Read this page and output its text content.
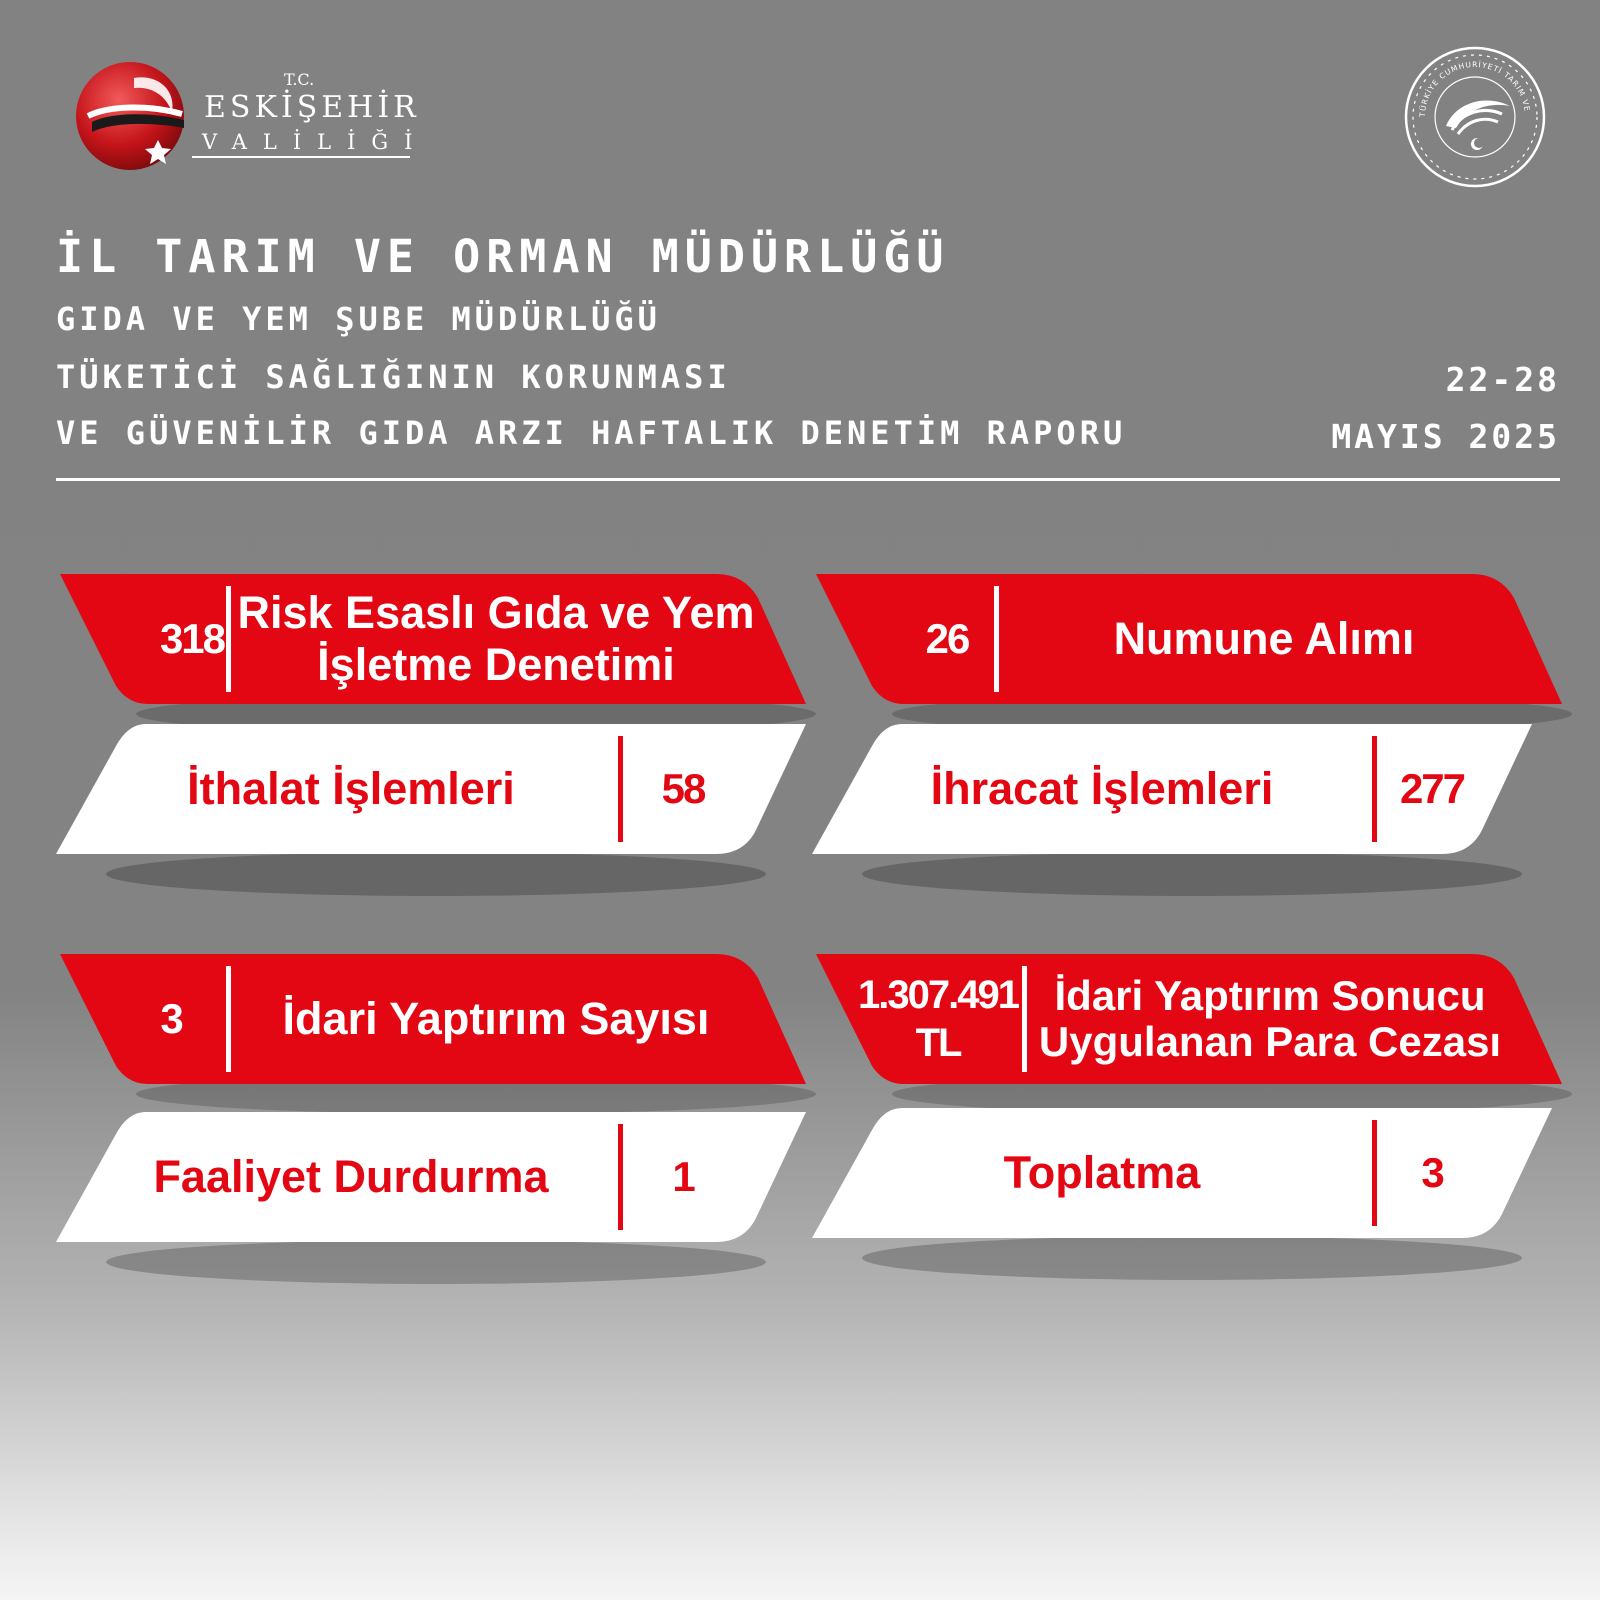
T.C.
ESKİŞEHİR
VALİLİĞİ
TÜRKİYE CUMHURİYETİ TARIM VE
İL TARIM VE ORMAN MÜDÜRLÜĞÜ
GIDA VE YEM ŞUBE MÜDÜRLÜĞÜ
TÜKETİCİ SAĞLIĞININ KORUNMASI
VE GÜVENİLİR GIDA ARZI HAFTALIK DENETİM RAPORU
22-28
MAYIS 2025
318
Risk Esaslı Gıda ve Yem İşletme Denetimi
26	Numune Alımı
İthalat İşlemleri	58	İhracat İşlemleri	277
3	İdari Yaptırım Sayısı	1.307.491 TL
İdari Yaptırım Sonucu Uygulanan Para Cezası
Faaliyet Durdurma	1	Toplatma	3
